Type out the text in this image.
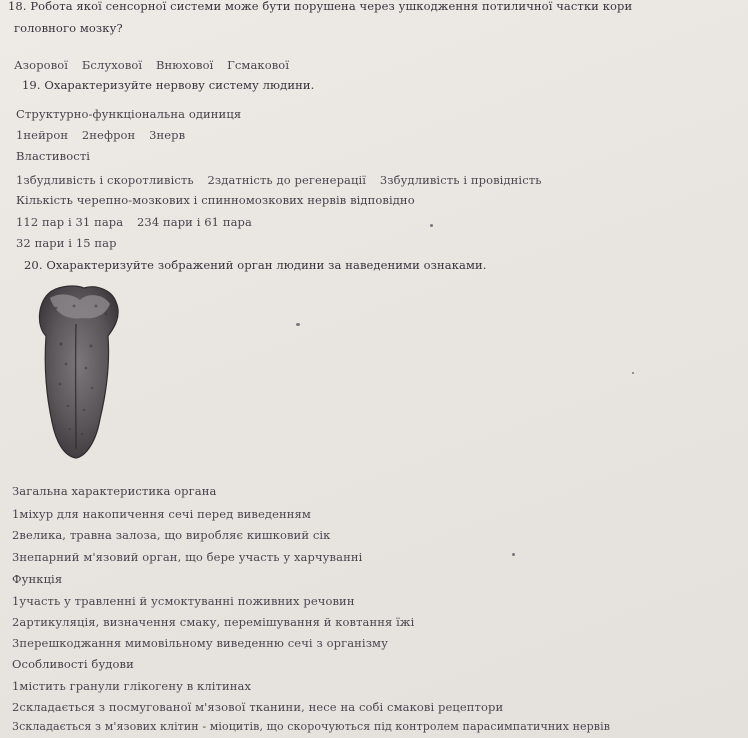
18. Робота якої сенсорної системи може бути порушена через ушкодження потиличної частки кори
головного мозку?
Азорової Бслухової Внюхової Гсмакової
19. Охарактеризуйте нервову систему людини.
Структурно-функціональна одиниця
1нейрон 2нефрон 3нерв
Властивості
1збудливість і скоротливість 2здатність до регенерації 3збудливість і провідність
Кількість черепно-мозкових і спинномозкових нервів відповідно
112 пар і 31 пара 234 пари і 61 пара
32 пари і 15 пар
20. Охарактеризуйте зображений орган людини за наведеними ознаками.
Загальна характеристика органа
1міхур для накопичення сечі перед виведенням
2велика, травна залоза, що виробляє кишковий сік
3непарний м'язовий орган, що бере участь у харчуванні
Функція
1участь у травленні й усмоктуванні поживних речовин
2артикуляція, визначення смаку, перемішування й ковтання їжі
3перешкоджання мимовільному виведенню сечі з організму
Особливості будови
1містить гранули глікогену в клітинах
2складається з посмугованої м'язової тканини, несе на собі смакові рецептори
3складається з м'язових клітин - міоцитів, що скорочуються під контролем парасимпатичних нервів
